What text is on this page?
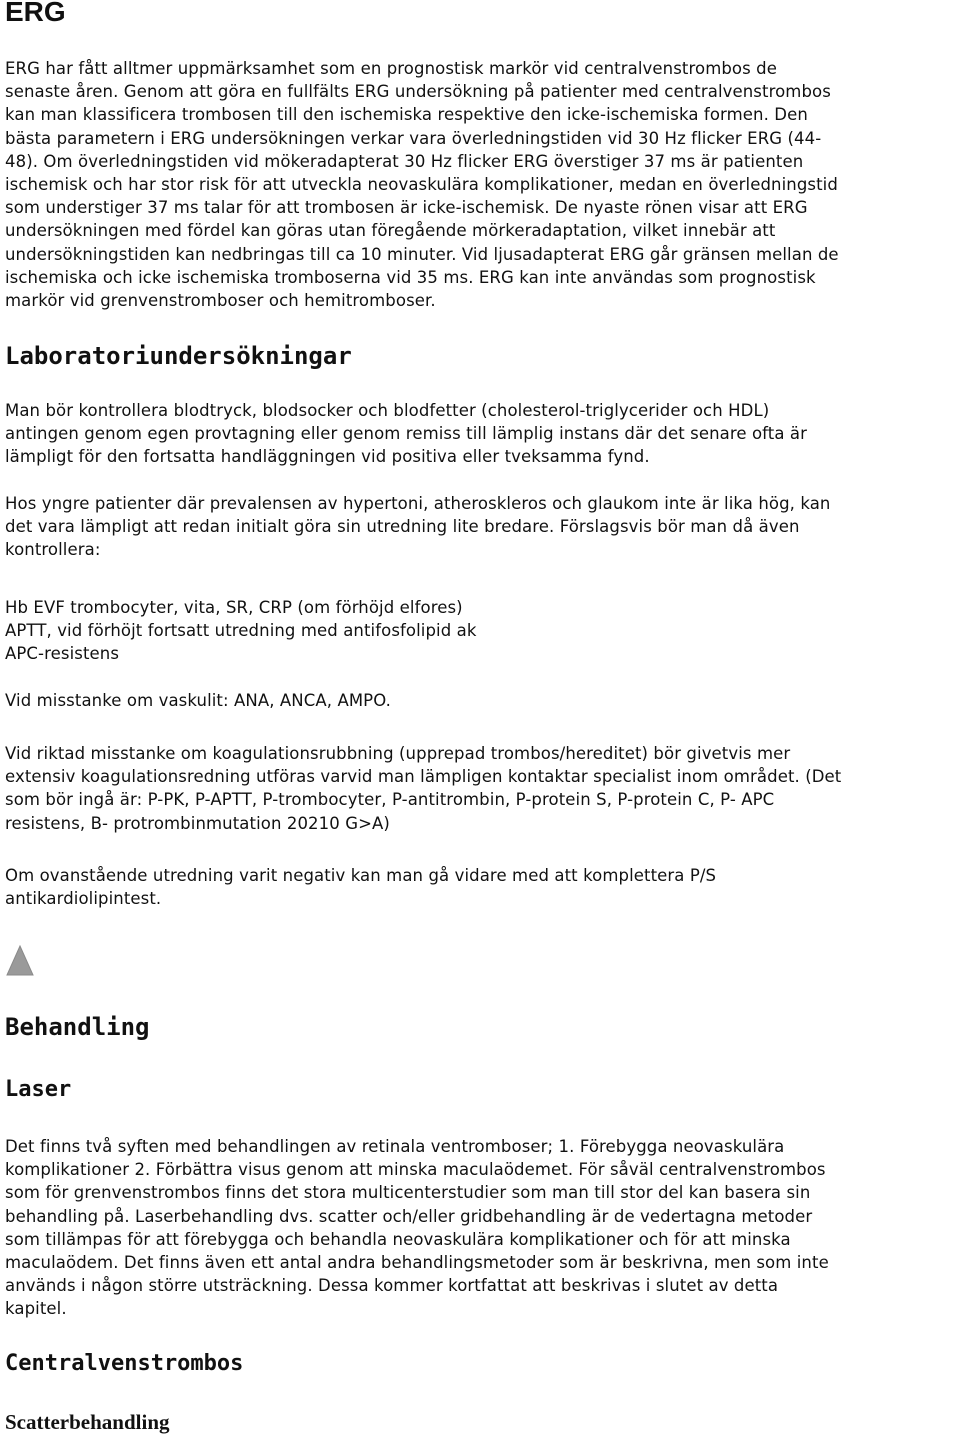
ERG
ERG har fått alltmer uppmärksamhet som en prognostisk markör vid centralvenstrombos de
senaste åren. Genom att göra en fullfälts ERG undersökning på patienter med centralvenstrombos
kan man klassificera trombosen till den ischemiska respektive den icke-ischemiska formen. Den
bästa parametern i ERG undersökningen verkar vara överledningstiden vid 30 Hz flicker ERG (44-
48). Om överledningstiden vid mökeradapterat 30 Hz flicker ERG överstiger 37 ms är patienten
ischemisk och har stor risk för att utveckla neovaskulära komplikationer, medan en överledningstid
som understiger 37 ms talar för att trombosen är icke-ischemisk. De nyaste rönen visar att ERG
undersökningen med fördel kan göras utan föregående mörkeradaptation, vilket innebär att
undersökningstiden kan nedbringas till ca 10 minuter. Vid ljusadapterat ERG går gränsen mellan de
ischemiska och icke ischemiska tromboserna vid 35 ms. ERG kan inte användas som prognostisk
markör vid grenvenstromboser och hemitromboser.
Laboratoriundersökningar
Man bör kontrollera blodtryck, blodsocker och blodfetter (cholesterol-triglycerider och HDL)
antingen genom egen provtagning eller genom remiss till lämplig instans där det senare ofta är
lämpligt för den fortsatta handläggningen vid positiva eller tveksamma fynd.
Hos yngre patienter där prevalensen av hypertoni, atheroskleros och glaukom inte är lika hög, kan
det vara lämpligt att redan initialt göra sin utredning lite bredare. Förslagsvis bör man då även
kontrollera:
Hb EVF trombocyter, vita, SR, CRP (om förhöjd elfores)
APTT, vid förhöjt fortsatt utredning med antifosfolipid ak
APC-resistens
Vid misstanke om vaskulit: ANA, ANCA, AMPO.
Vid riktad misstanke om koagulationsrubbning (upprepad trombos/hereditet) bör givetvis mer
extensiv koagulationsredning utföras varvid man lämpligen kontaktar specialist inom området. (Det
som bör ingå är: P-PK, P-APTT, P-trombocyter, P-antitrombin, P-protein S, P-protein C, P- APC
resistens, B- protrombinmutation 20210 G>A)
Om ovanstående utredning varit negativ kan man gå vidare med att komplettera P/S
antikardiolipintest.
Behandling
Laser
Det finns två syften med behandlingen av retinala ventromboser; 1. Förebygga neovaskulära
komplikationer 2. Förbättra visus genom att minska maculaödemet. För såväl centralvenstrombos
som för grenvenstrombos finns det stora multicenterstudier som man till stor del kan basera sin
behandling på. Laserbehandling dvs. scatter och/eller gridbehandling är de vedertagna metoder
som tillämpas för att förebygga och behandla neovaskulära komplikationer och för att minska
maculaödem. Det finns även ett antal andra behandlingsmetoder som är beskrivna, men som inte
används i någon större utsträckning. Dessa kommer kortfattat att beskrivas i slutet av detta
kapitel.
Centralvenstrombos
Scatterbehandling
